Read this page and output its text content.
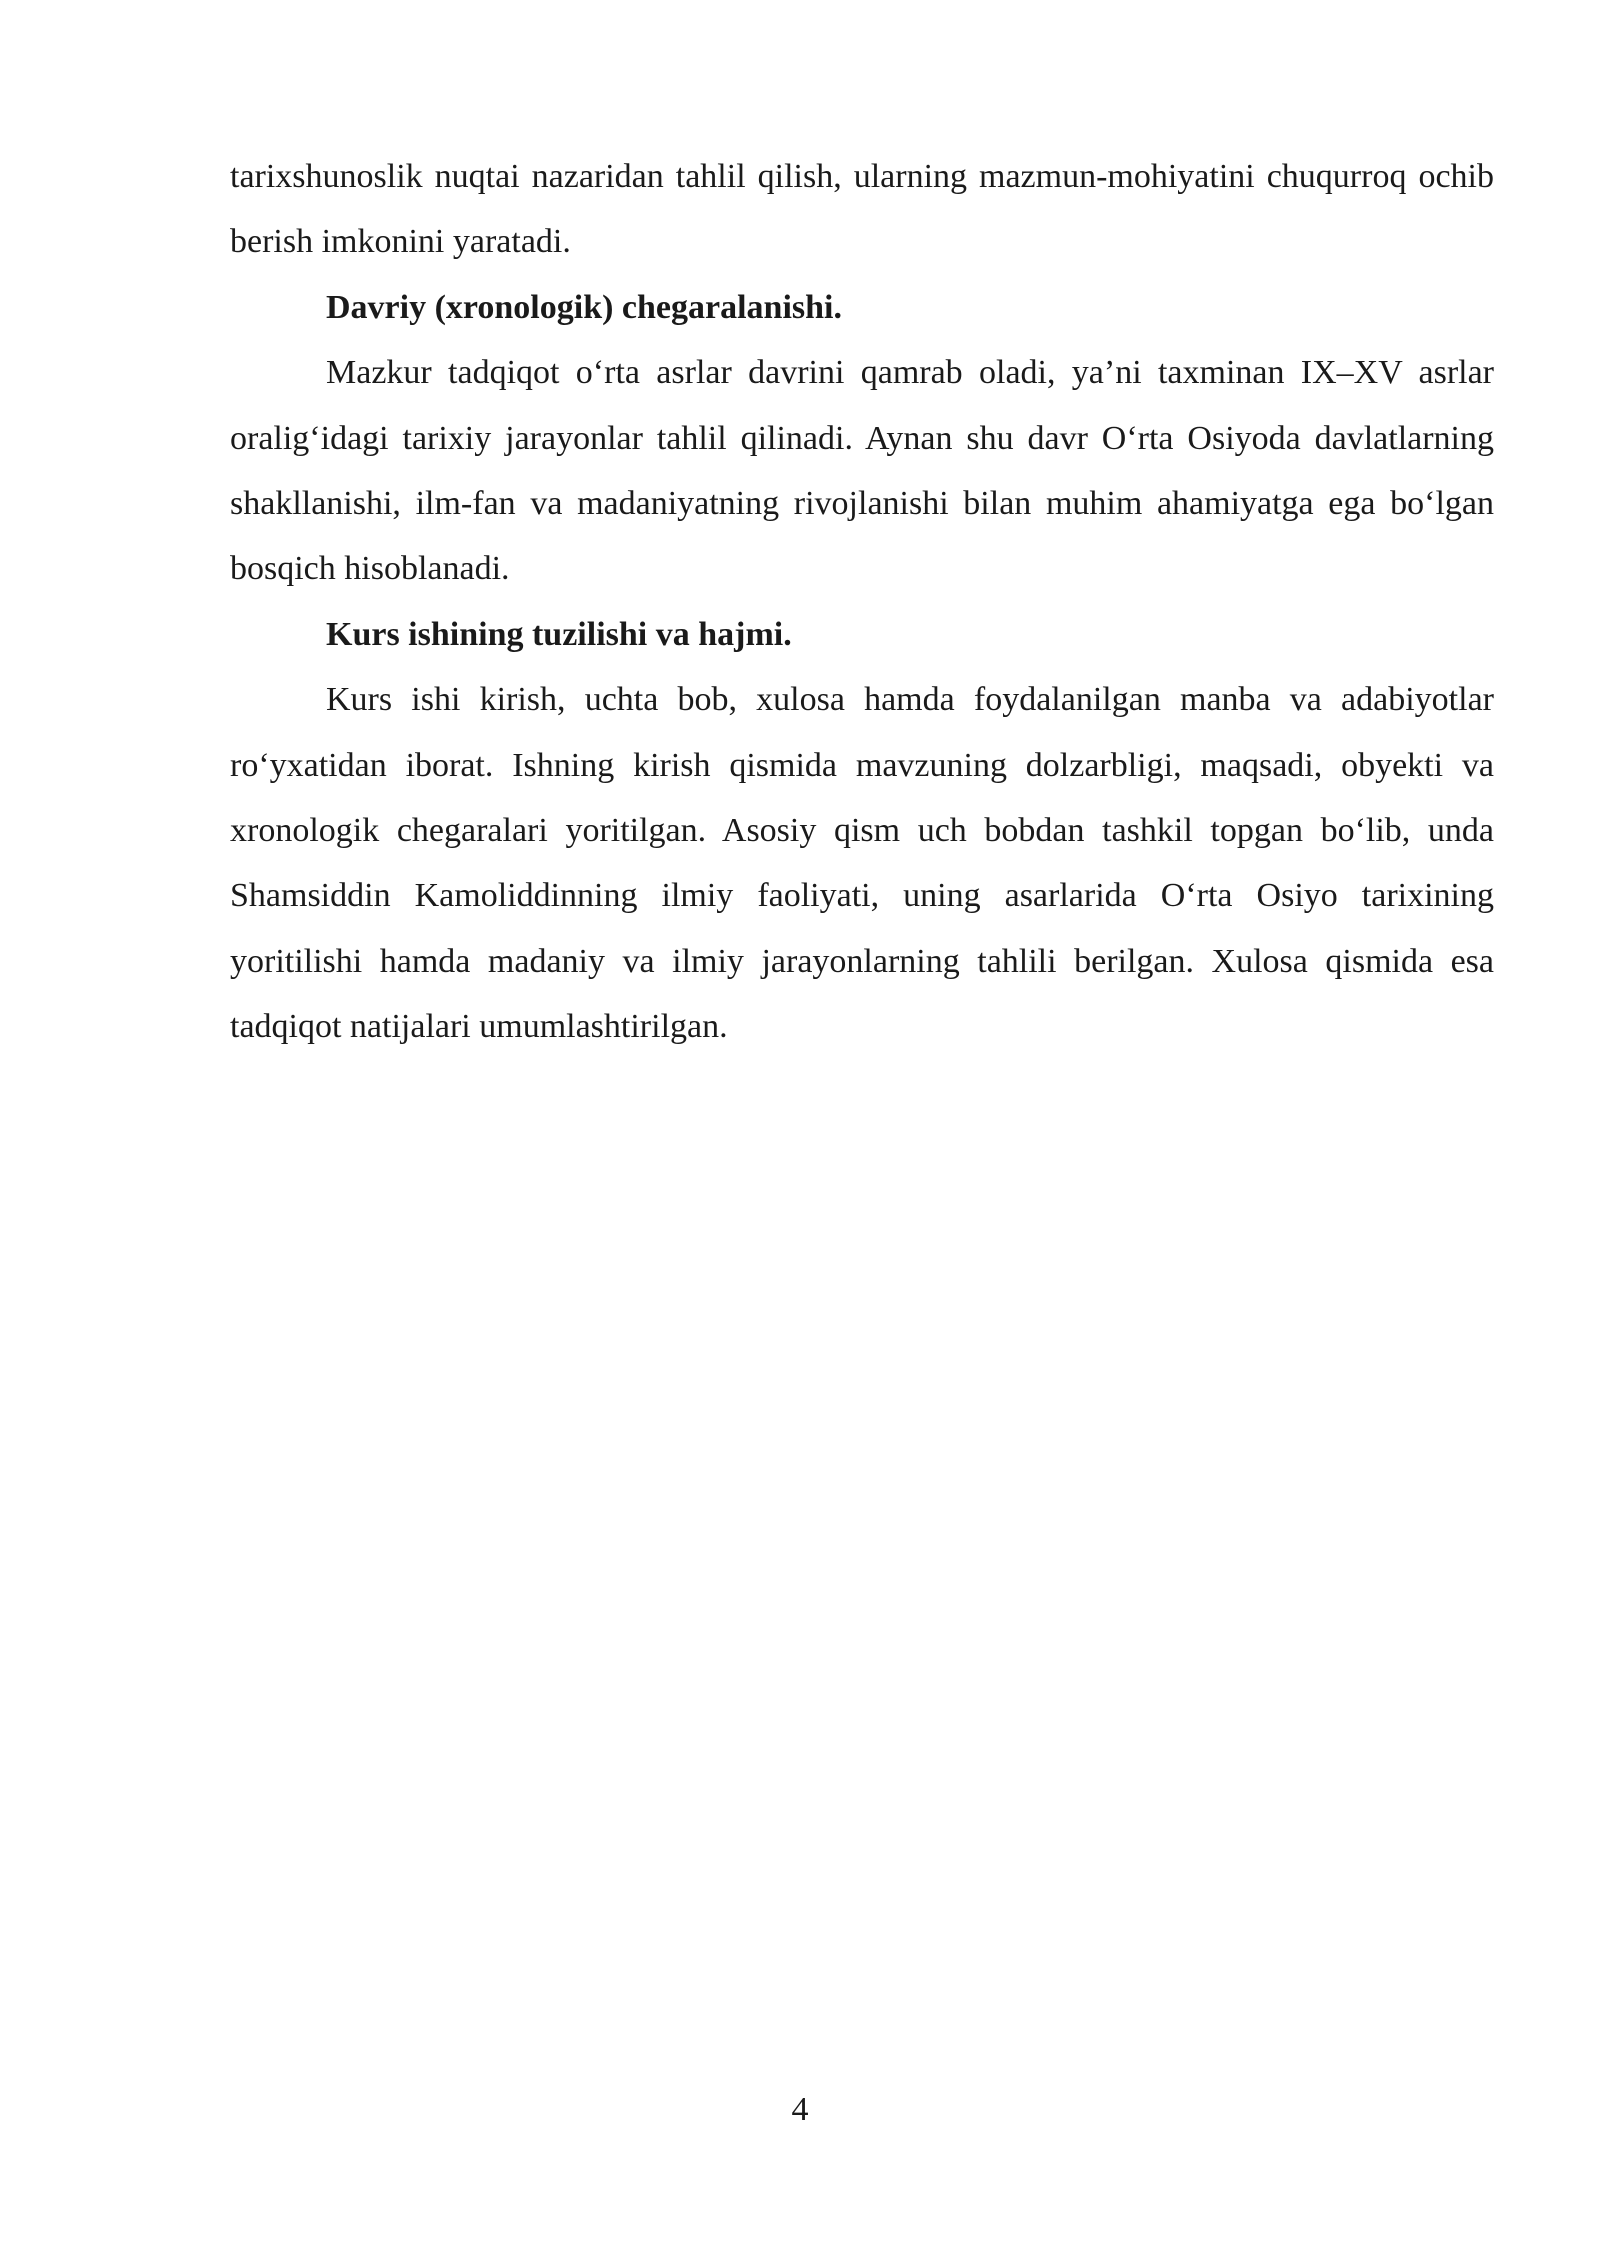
tarixshunoslik nuqtai nazaridan tahlil qilish, ularning mazmun-mohiyatini chuqurroq ochib berish imkonini yaratadi.

Davriy (xronologik) chegaralanishi.

Mazkur tadqiqot o‘rta asrlar davrini qamrab oladi, ya’ni taxminan IX–XV asrlar oralig‘idagi tarixiy jarayonlar tahlil qilinadi. Aynan shu davr O‘rta Osiyoda davlatlarning shakllanishi, ilm-fan va madaniyatning rivojlanishi bilan muhim ahamiyatga ega bo‘lgan bosqich hisoblanadi.

Kurs ishining tuzilishi va hajmi.

Kurs ishi kirish, uchta bob, xulosa hamda foydalanilgan manba va adabiyotlar ro‘yxatidan iborat. Ishning kirish qismida mavzuning dolzarbligi, maqsadi, obyekti va xronologik chegaralari yoritilgan. Asosiy qism uch bobdan tashkil topgan bo‘lib, unda Shamsiddin Kamoliddinning ilmiy faoliyati, uning asarlarida O‘rta Osiyo tarixining yoritilishi hamda madaniy va ilmiy jarayonlarning tahlili berilgan. Xulosa qismida esa tadqiqot natijalari umumlashtirilgan.

4
